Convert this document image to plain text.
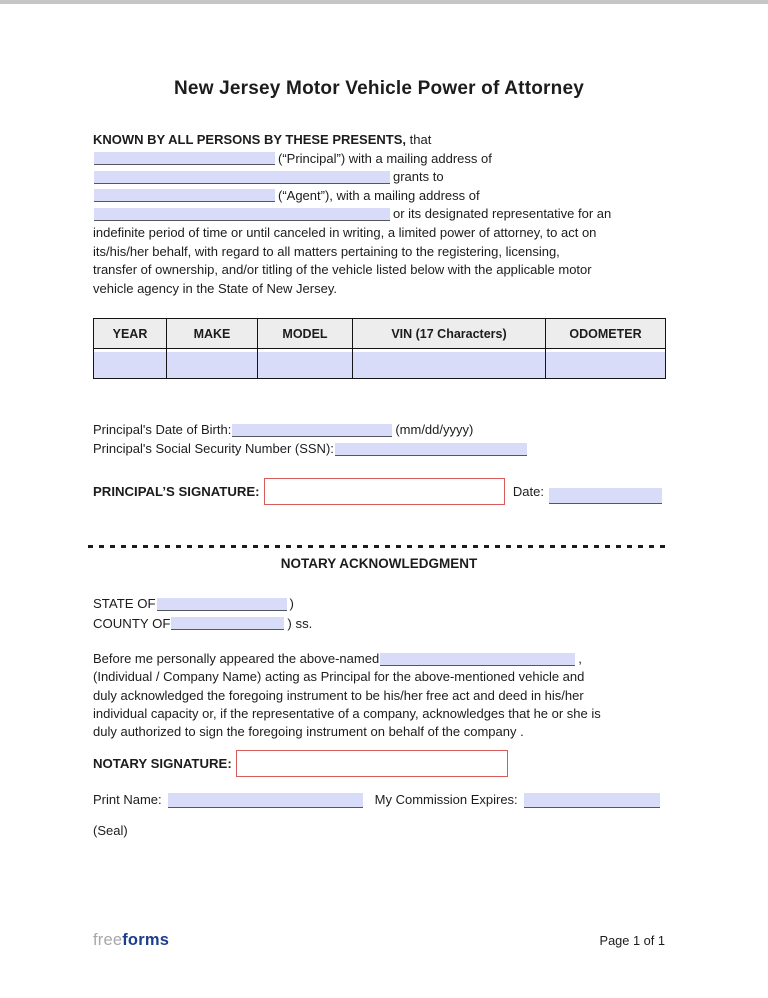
New Jersey Motor Vehicle Power of Attorney
KNOWN BY ALL PERSONS BY THESE PRESENTS, that
(“Principal”) with a mailing address of
grants to
(“Agent”), with a mailing address of
or its designated representative for an
indefinite period of time or until canceled in writing, a limited power of attorney, to act on
its/his/her behalf, with regard to all matters pertaining to the registering, licensing,
transfer of ownership, and/or titling of the vehicle listed below with the applicable motor
vehicle agency in the State of New Jersey.
YEAR	MAKE	MODEL	VIN (17 Characters)	ODOMETER

Principal's Date of Birth:	(mm/dd/yyyy)
Principal's Social Security Number (SSN):
PRINCIPAL’S SIGNATURE:	Date:
NOTARY ACKNOWLEDGMENT
STATE OF	)
COUNTY OF	) ss.
Before me personally appeared the above-named	,
(Individual / Company Name) acting as Principal for the above-mentioned vehicle and
duly acknowledged the foregoing instrument to be his/her free act and deed in his/her
individual capacity or, if the representative of a company, acknowledges that he or she is
duly authorized to sign the foregoing instrument on behalf of the company .
NOTARY SIGNATURE:
Print Name:	My Commission Expires:
(Seal)
freeforms	Page 1 of 1
